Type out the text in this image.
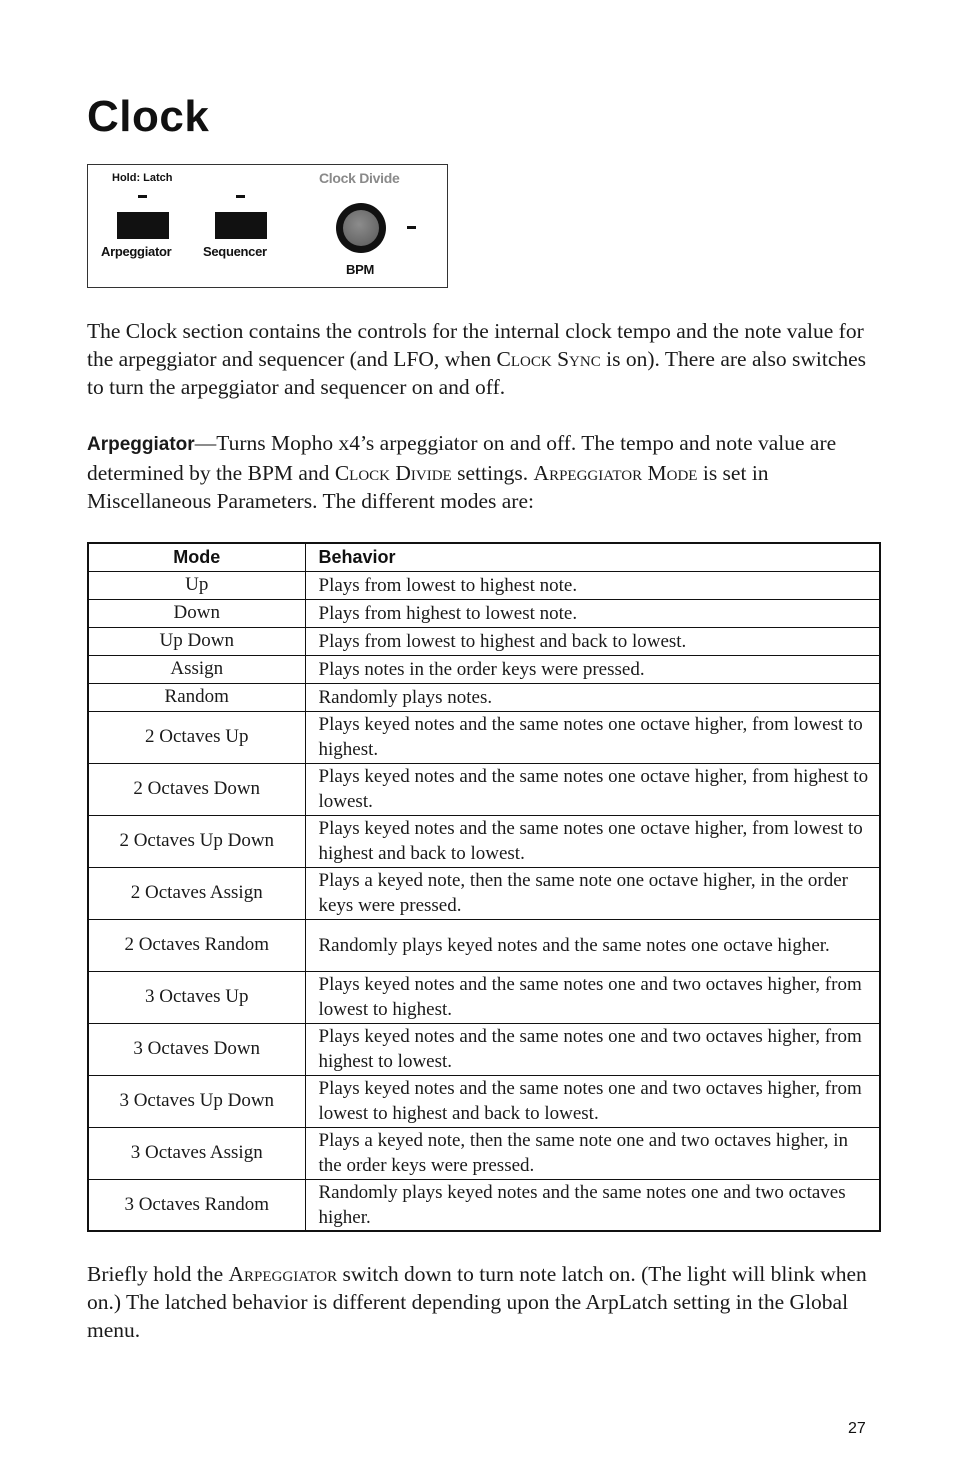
Clock
Hold: Latch	Clock Divide
Arpeggiator Sequencer
BPM

The Clock section contains the controls for the internal clock tempo and the note value for the arpeggiator and sequencer (and LFO, when Clock Sync is on). There are also switches to turn the arpeggiator and sequencer on and off.

Arpeggiator—Turns Mopho x4’s arpeggiator on and off. The tempo and note value are determined by the BPM and Clock Divide settings. Arpeggiator Mode is set in Miscellaneous Parameters. The different modes are:

Mode	Behavior
Up	Plays from lowest to highest note.
Down	Plays from highest to lowest note.
Up Down	Plays from lowest to highest and back to lowest.
Assign	Plays notes in the order keys were pressed.
Random	Randomly plays notes.
2 Octaves Up	Plays keyed notes and the same notes one octave higher, from lowest to highest.
2 Octaves Down	Plays keyed notes and the same notes one octave higher, from highest to lowest.
2 Octaves Up Down	Plays keyed notes and the same notes one octave higher, from lowest to highest and back to lowest.
2 Octaves Assign	Plays a keyed note, then the same note one octave higher, in the order keys were pressed.
2 Octaves Random	Randomly plays keyed notes and the same notes one octave higher.
3 Octaves Up	Plays keyed notes and the same notes one and two octaves higher, from lowest to highest.
3 Octaves Down	Plays keyed notes and the same notes one and two octaves higher, from highest to lowest.
3 Octaves Up Down	Plays keyed notes and the same notes one and two octaves higher, from lowest to highest and back to lowest.
3 Octaves Assign	Plays a keyed note, then the same note one and two octaves higher, in the order keys were pressed.
3 Octaves Random	Randomly plays keyed notes and the same notes one and two octaves higher.

Briefly hold the Arpeggiator switch down to turn note latch on. (The light will blink when on.) The latched behavior is different depending upon the ArpLatch setting in the Global menu.

27
